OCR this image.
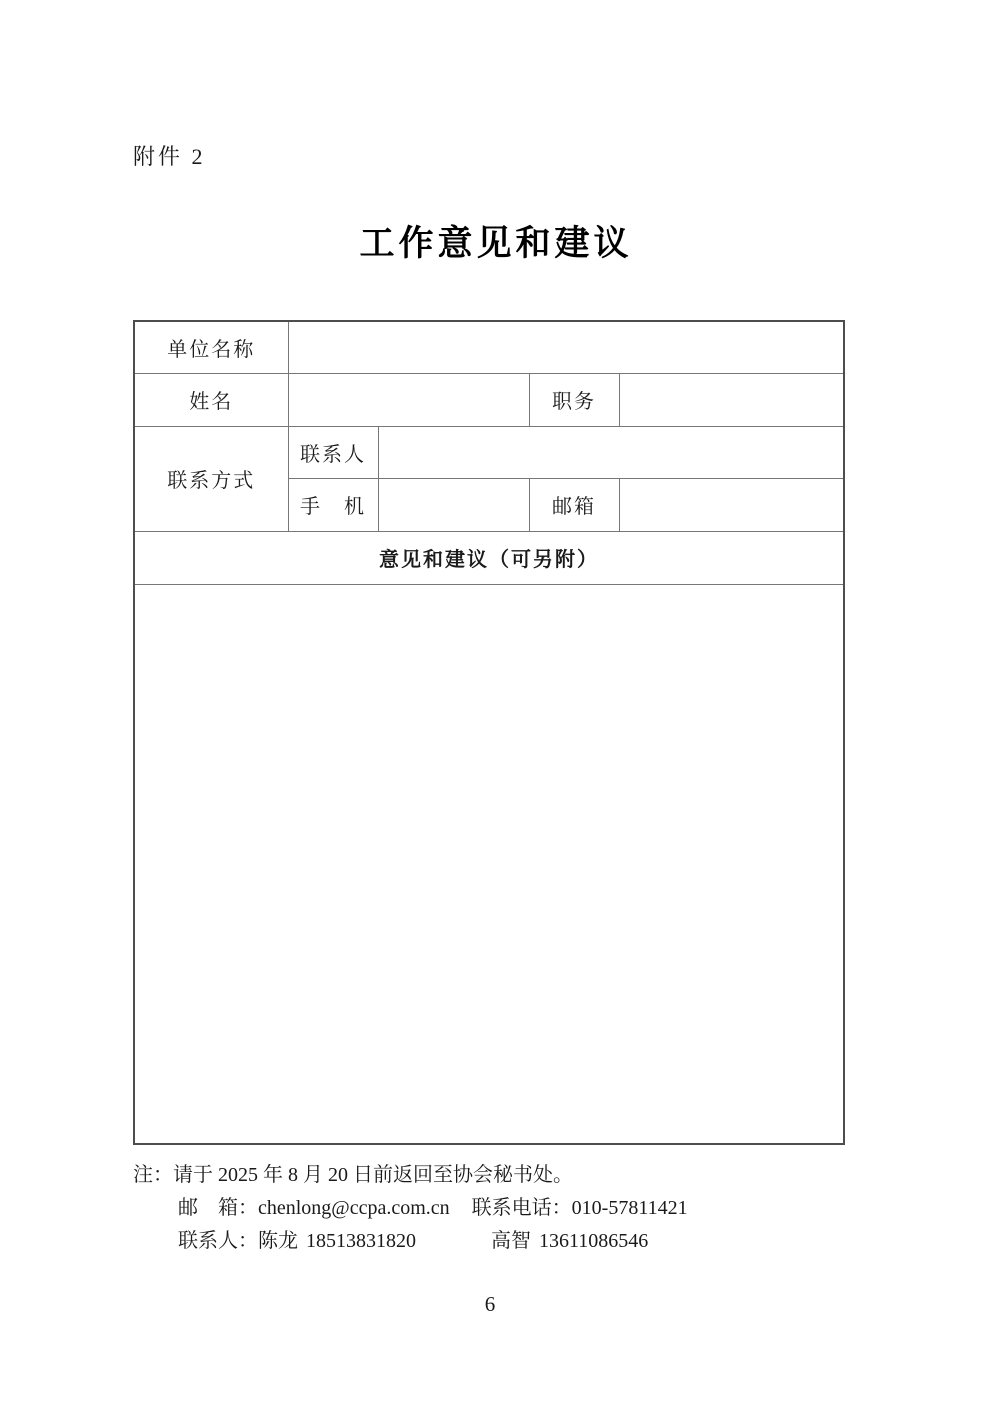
附件 2
工作意见和建议
单位名称				
姓名			职务	
联系方式	联系人			
	手　机		邮箱	
意见和建议（可另附）				

注：请于 2025 年 8 月 20 日前返回至协会秘书处。
邮　箱：chenlong@ccpa.com.cn 联系电话：010-57811421
联系人：陈龙 18513831820	高智 13611086546
6
